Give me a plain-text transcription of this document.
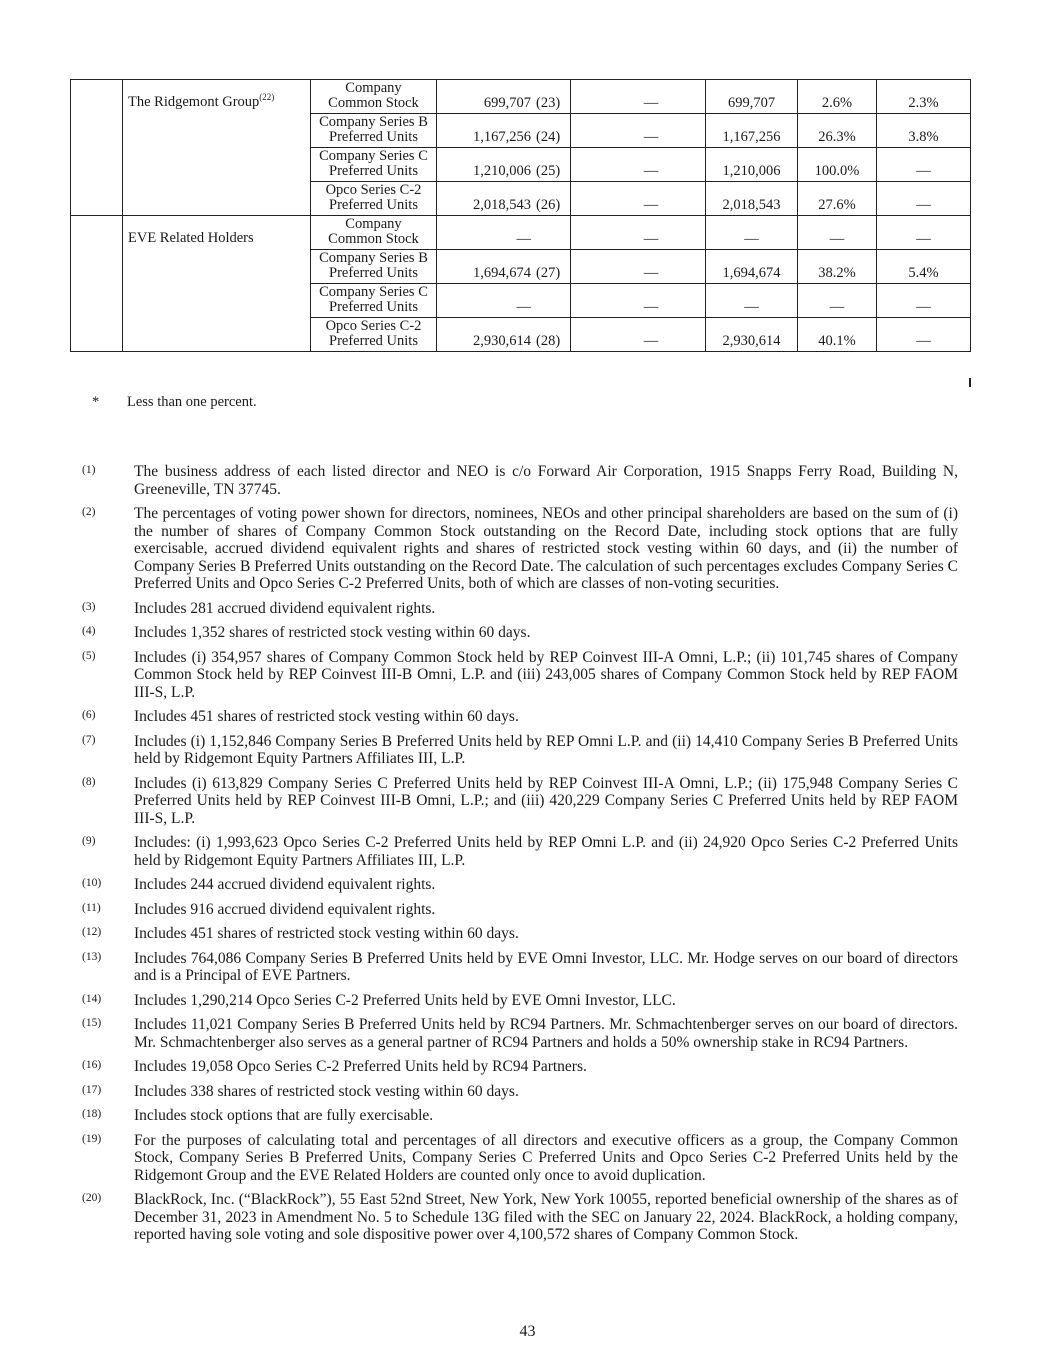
	The Ridgemont Group$^{(22)}$	Company
Common Stock	699,707 (23)	—	699,707	2.6%	2.3%

		Company Series B
Preferred Units	1,167,256 (24)	—	1,167,256	26.3%	3.8%

		Company Series C
Preferred Units	1,210,006 (25)	—	1,210,006	100.0%	—

		Opco Series C-2
Preferred Units	2,018,543 (26)	—	2,018,543	27.6%	—
	EVE Related Holders	Company
Common Stock	—	—	—	—	—

		Company Series B
Preferred Units	1,694,674 (27)	—	1,694,674	38.2%	5.4%

		Company Series C
Preferred Units	—	—	—	—	—

		Opco Series C-2
Preferred Units	2,930,614 (28)	—	2,930,614	40.1%	—
* Less than one percent.
(1)	The business address of each listed director and NEO is c/o Forward Air Corporation, 1915 Snapps Ferry Road, Building N, Greeneville, TN 37745.
(2)	The percentages of voting power shown for directors, nominees, NEOs and other principal shareholders are based on the sum of (i) the number of shares of Company Common Stock outstanding on the Record Date, including stock options that are fully exercisable, accrued dividend equivalent rights and shares of restricted stock vesting within 60 days, and (ii) the number of Company Series B Preferred Units outstanding on the Record Date. The calculation of such percentages excludes Company Series C Preferred Units and Opco Series C-2 Preferred Units, both of which are classes of non-voting securities.
(3)	Includes 281 accrued dividend equivalent rights.
(4)	Includes 1,352 shares of restricted stock vesting within 60 days.
(5)	Includes (i) 354,957 shares of Company Common Stock held by REP Coinvest III-A Omni, L.P.; (ii) 101,745 shares of Company Common Stock held by REP Coinvest III-B Omni, L.P. and (iii) 243,005 shares of Company Common Stock held by REP FAOM III-S, L.P.
(6)	Includes 451 shares of restricted stock vesting within 60 days.
(7)	Includes (i) 1,152,846 Company Series B Preferred Units held by REP Omni L.P. and (ii) 14,410 Company Series B Preferred Units held by Ridgemont Equity Partners Affiliates III, L.P.
(8)	Includes (i) 613,829 Company Series C Preferred Units held by REP Coinvest III-A Omni, L.P.; (ii) 175,948 Company Series C Preferred Units held by REP Coinvest III-B Omni, L.P.; and (iii) 420,229 Company Series C Preferred Units held by REP FAOM III-S, L.P.
(9)	Includes: (i) 1,993,623 Opco Series C-2 Preferred Units held by REP Omni L.P. and (ii) 24,920 Opco Series C-2 Preferred Units held by Ridgemont Equity Partners Affiliates III, L.P.
(10)	Includes 244 accrued dividend equivalent rights.
(11)	Includes 916 accrued dividend equivalent rights.
(12)	Includes 451 shares of restricted stock vesting within 60 days.
(13)	Includes 764,086 Company Series B Preferred Units held by EVE Omni Investor, LLC. Mr. Hodge serves on our board of directors and is a Principal of EVE Partners.
(14)	Includes 1,290,214 Opco Series C-2 Preferred Units held by EVE Omni Investor, LLC.
(15)	Includes 11,021 Company Series B Preferred Units held by RC94 Partners. Mr. Schmachtenberger serves on our board of directors. Mr. Schmachtenberger also serves as a general partner of RC94 Partners and holds a 50% ownership stake in RC94 Partners.
(16)	Includes 19,058 Opco Series C-2 Preferred Units held by RC94 Partners.
(17)	Includes 338 shares of restricted stock vesting within 60 days.
(18)	Includes stock options that are fully exercisable.
(19)	For the purposes of calculating total and percentages of all directors and executive officers as a group, the Company Common Stock, Company Series B Preferred Units, Company Series C Preferred Units and Opco Series C-2 Preferred Units held by the Ridgemont Group and the EVE Related Holders are counted only once to avoid duplication.
(20)	BlackRock, Inc. (“BlackRock”), 55 East 52nd Street, New York, New York 10055, reported beneficial ownership of the shares as of December 31, 2023 in Amendment No. 5 to Schedule 13G filed with the SEC on January 22, 2024. BlackRock, a holding company, reported having sole voting and sole dispositive power over 4,100,572 shares of Company Common Stock.
43
